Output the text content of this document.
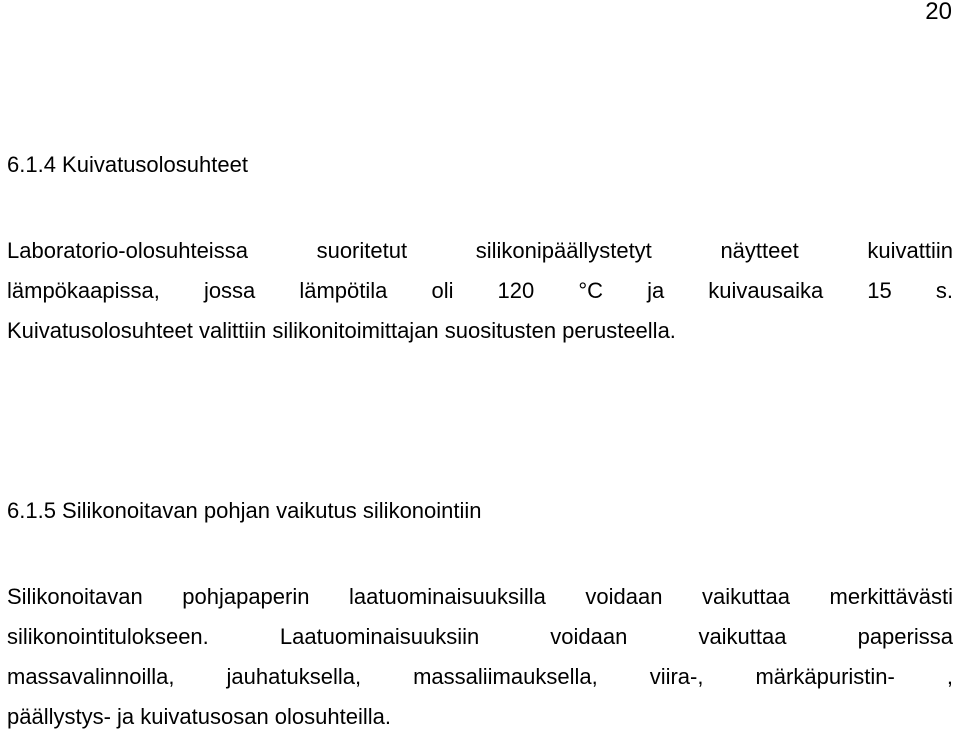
20
6.1.4 Kuivatusolosuhteet
Laboratorio-olosuhteissa	suoritetut	silikonipäällystetyt	näytteet	kuivattiin
lämpökaapissa, jossa lämpötila oli 120 °C ja kuivausaika 15 s.
Kuivatusolosuhteet valittiin silikonitoimittajan suositusten perusteella.
6.1.5 Silikonoitavan pohjan vaikutus silikonointiin
Silikonoitavan pohjapaperin laatuominaisuuksilla voidaan vaikuttaa merkittävästi
silikonointitulokseen.	Laatuominaisuuksiin	voidaan	vaikuttaa	paperissa
massavalinnoilla, jauhatuksella, massaliimauksella, viira-, märkäpuristin- ,
päällystys- ja kuivatusosan olosuhteilla.
